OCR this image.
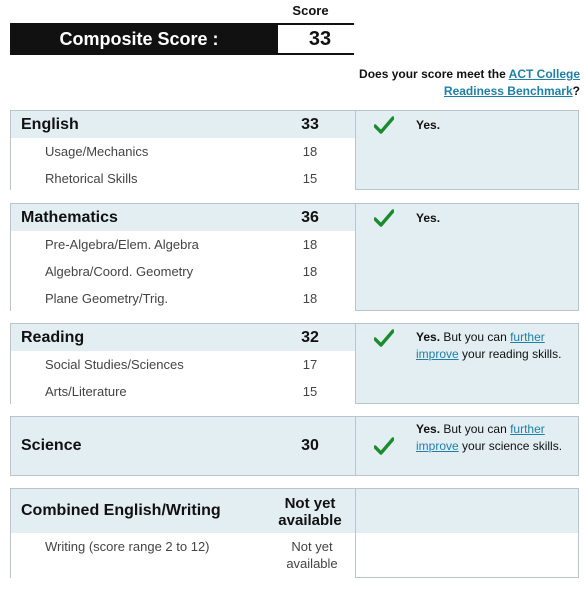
Score
Composite Score :	33
Does your score meet the ACT College Readiness Benchmark?
English	33
Usage/Mechanics	18
Rhetorical Skills	15
Yes.
Mathematics	36
Pre-Algebra/Elem. Algebra	18
Algebra/Coord. Geometry	18
Plane Geometry/Trig.	18
Yes.
Reading	32
Social Studies/Sciences	17
Arts/Literature	15
Yes. But you can further improve your reading skills.
Science	30
Yes. But you can further improve your science skills.
Combined English/Writing	Not yet available
Writing (score range 2 to 12)	Not yet available
